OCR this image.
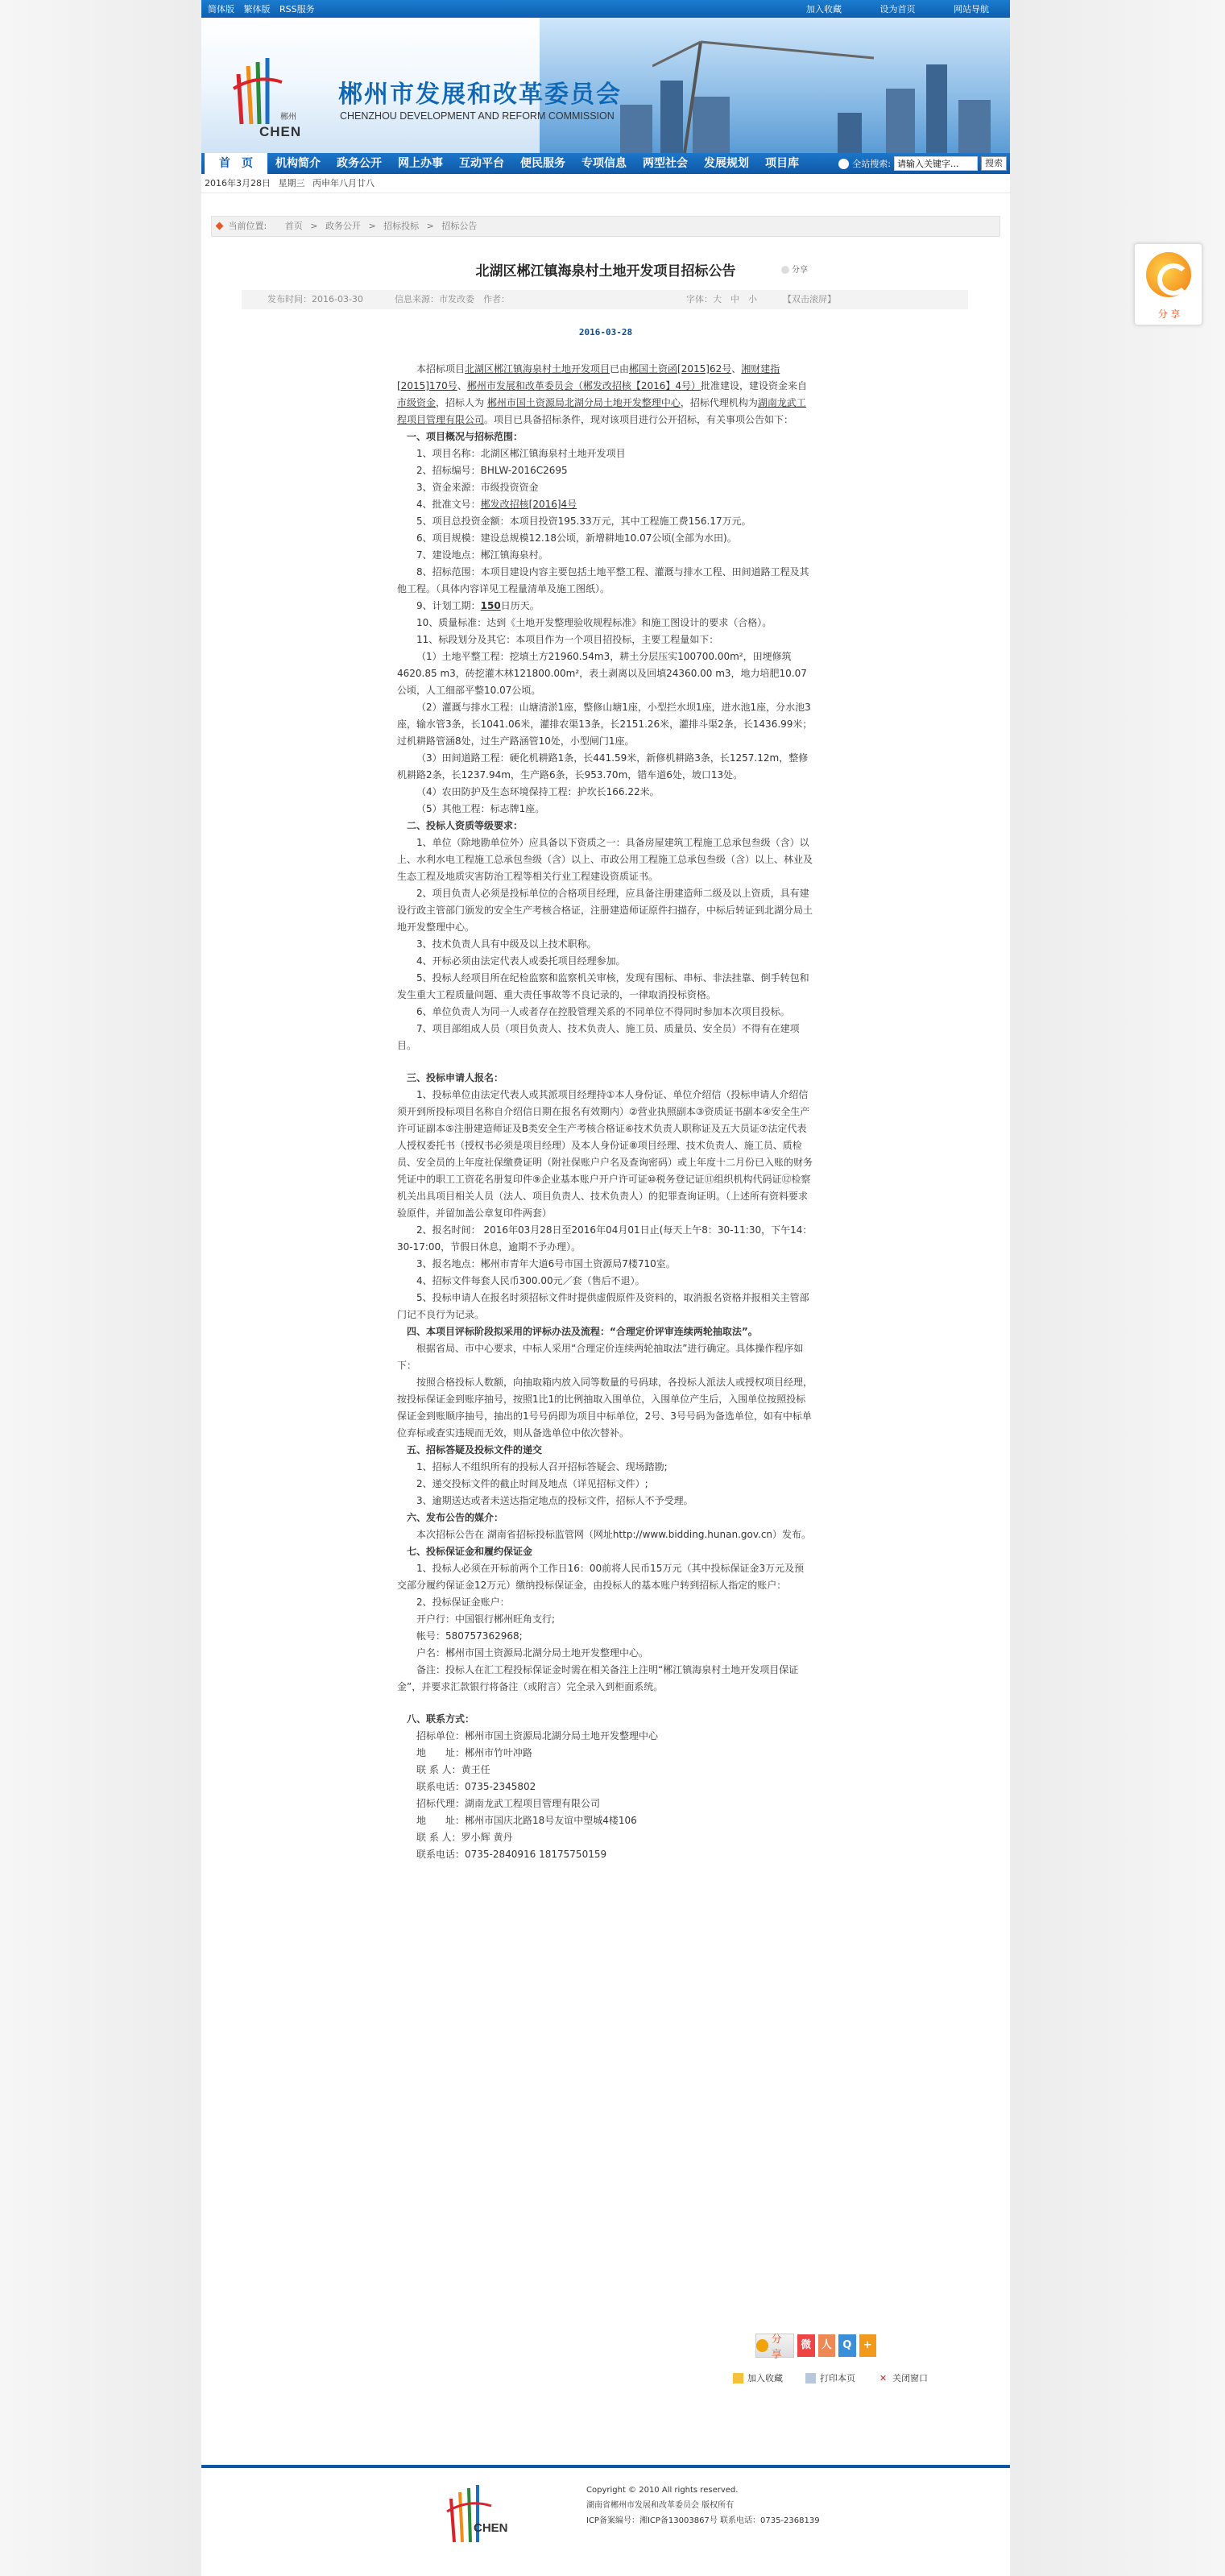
简体版 繁体版 RSS服务	加入收藏	设为首页	网站导航
郴州
CHEN
郴州市发展和改革委员会
CHENZHOU DEVELOPMENT AND REFORM COMMISSION
首　页	机构简介	政务公开	网上办事	互动平台	便民服务	专项信息	两型社会	发展规划	项目库	全站搜索:
请输入关键字...	搜索
2016年3月28日 星期三 丙申年八月廿八
当前位置: 首页 > 政务公开 > 招标投标 > 招标公告
北湖区郴江镇海泉村土地开发项目招标公告	分享
发布时间：2016-03-30	信息来源：市发改委 作者：	字体：大　中　小	【双击滚屏】
2016-03-28

本招标项目北湖区郴江镇海泉村土地开发项目已由郴国土资函[2015]62号、湘财建指[2015]170号、郴州市发展和改革委员会（郴发改招核【2016】4号）批准建设，建设资金来自市级资金，招标人为 郴州市国土资源局北湖分局土地开发整理中心，招标代理机构为湖南龙武工程项目管理有限公司。项目已具备招标条件，现对该项目进行公开招标，有关事项公告如下：

一、项目概况与招标范围：

1、项目名称：北湖区郴江镇海泉村土地开发项目

2、招标编号：BHLW-2016C2695

3、资金来源：市级投资资金

4、批准文号：郴发改招核[2016]4号

5、项目总投资金额：本项目投资195.33万元，其中工程施工费156.17万元。

6、项目规模：建设总规模12.18公顷，新增耕地10.07公顷(全部为水田)。

7、建设地点：郴江镇海泉村。

8、招标范围：本项目建设内容主要包括土地平整工程、灌溉与排水工程、田间道路工程及其他工程。（具体内容详见工程量清单及施工图纸）。

9、计划工期：150日历天。

10、质量标准：达到《土地开发整理验收规程标准》和施工图设计的要求（合格）。

11、标段划分及其它：本项目作为一个项目招投标，主要工程量如下：

（1）土地平整工程：挖填土方21960.54m3，耕土分层压实100700.00m²，田埂修筑4620.85 m3，砖挖灌木林121800.00m²，表土剥离以及回填24360.00 m3，地力培肥10.07公顷，人工细部平整10.07公顷。

（2）灌溉与排水工程：山塘清淤1座，整修山塘1座，小型拦水坝1座，进水池1座，分水池3座，输水管3条，长1041.06米，灌排农渠13条，长2151.26米，灌排斗渠2条，长1436.99米；过机耕路管涵8处，过生产路涵管10处，小型闸门1座。

（3）田间道路工程：硬化机耕路1条，长441.59米，新修机耕路3条，长1257.12m，整修机耕路2条，长1237.94m，生产路6条，长953.70m，错车道6处，坡口13处。

（4）农田防护及生态环境保持工程：护坎长166.22米。

（5）其他工程：标志牌1座。

二、投标人资质等级要求：

1、单位（除地勘单位外）应具备以下资质之一：具备房屋建筑工程施工总承包叁级（含）以上、水利水电工程施工总承包叁级（含）以上、市政公用工程施工总承包叁级（含）以上、林业及生态工程及地质灾害防治工程等相关行业工程建设资质证书。

2、项目负责人必须是投标单位的合格项目经理，应具备注册建造师二级及以上资质，具有建设行政主管部门颁发的安全生产考核合格证，注册建造师证原件扫描存，中标后转证到北湖分局土地开发整理中心。

3、技术负责人具有中级及以上技术职称。

4、开标必须由法定代表人或委托项目经理参加。

5、投标人经项目所在纪检监察和监察机关审核，发现有围标、串标、非法挂靠、倒手转包和发生重大工程质量问题、重大责任事故等不良记录的，一律取消投标资格。

6、单位负责人为同一人或者存在控股管理关系的不同单位不得同时参加本次项目投标。

7、项目部组成人员（项目负责人、技术负责人、施工员、质量员、安全员）不得有在建项目。

三、投标申请人报名：

1、投标单位由法定代表人或其派项目经理持①本人身份证、单位介绍信（投标申请人介绍信须开到所投标项目名称自介绍信日期在报名有效期内）②营业执照副本③资质证书副本④安全生产许可证副本⑤注册建造师证及B类安全生产考核合格证⑥技术负责人职称证及五大员证⑦法定代表人授权委托书（授权书必须是项目经理）及本人身份证⑧项目经理、技术负责人、施工员、质检员、安全员的上年度社保缴费证明（附社保账户户名及查询密码）或上年度十二月份已入账的财务凭证中的职工工资花名册复印件⑨企业基本账户开户许可证⑩税务登记证⑪组织机构代码证⑫检察机关出具项目相关人员（法人、项目负责人、技术负责人）的犯罪查询证明。（上述所有资料要求验原件，并留加盖公章复印件两套）

2、报名时间： 2016年03月28日至2016年04月01日止(每天上午8：30-11:30，下午14：30-17:00，节假日休息，逾期不予办理）。

3、报名地点：郴州市青年大道6号市国土资源局7楼710室。

4、招标文件每套人民币300.00元／套（售后不退）。

5、投标申请人在报名时须招标文件时提供虚假原件及资料的，取消报名资格并报相关主管部门记不良行为记录。

四、本项目评标阶段拟采用的评标办法及流程：“合理定价评审连续两轮抽取法”。

根据省局、市中心要求，中标人采用“合理定价连续两轮抽取法”进行确定。具体操作程序如下：

按照合格投标人数额，向抽取箱内放入同等数量的号码球，各投标人派法人或授权项目经理，按投标保证金到账序抽号，按照1比1的比例抽取入围单位，入围单位产生后，入围单位按照投标保证金到账顺序抽号，抽出的1号号码即为项目中标单位，2号、3号号码为备选单位，如有中标单位弃标或查实违规而无效，则从备选单位中依次替补。

五、招标答疑及投标文件的递交

1、招标人不组织所有的投标人召开招标答疑会、现场踏勘;

2、递交投标文件的截止时间及地点（详见招标文件）;

3、逾期送达或者未送达指定地点的投标文件，招标人不予受理。

六、发布公告的媒介：

本次招标公告在 湖南省招标投标监管网（网址http://www.bidding.hunan.gov.cn）发布。

七、投标保证金和履约保证金

1、投标人必须在开标前两个工作日16：00前将人民币15万元（其中投标保证金3万元及预交部分履约保证金12万元）缴纳投标保证金，由投标人的基本账户转到招标人指定的账户：

2、投标保证金账户：

开户行：中国银行郴州旺角支行;

帐号：580757362968;

户名：郴州市国土资源局北湖分局土地开发整理中心。

备注：投标人在汇工程投标保证金时需在相关备注上注明“郴江镇海泉村土地开发项目保证金”，并要求汇款银行将备注（或附言）完全录入到柜面系统。

八、联系方式：

招标单位：郴州市国土资源局北湖分局土地开发整理中心

地　　址：郴州市竹叶冲路

联 系 人：黄王任

联系电话：0735-2345802

招标代理：湖南龙武工程项目管理有限公司

地　　址：郴州市国庆北路18号友谊中塑城4楼106

联 系 人：罗小辉 黄丹

联系电话：0735-2840916 18175750159

分 享
微 人	Q	+
加入收藏	打印本页	✕ 关闭窗口
CHEN
Copyright © 2010 All rights reserved.
湖南省郴州市发展和改革委员会 版权所有
ICP备案编号：湘ICP备13003867号 联系电话：0735-2368139
分 享
